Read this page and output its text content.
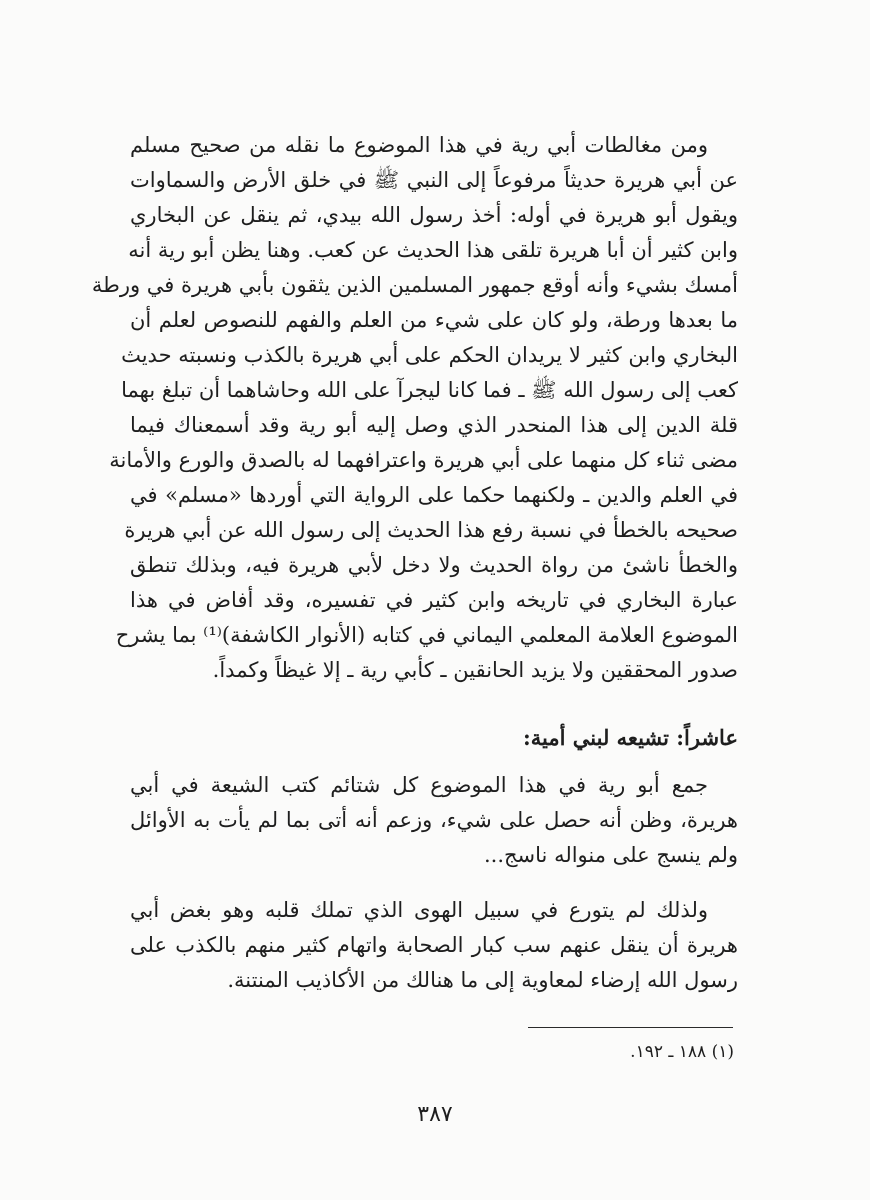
ومن مغالطات أبي رية في هذا الموضوع ما نقله من صحيح مسلم
عن أبي هريرة حديثاً مرفوعاً إلى النبي ﷺ في خلق الأرض والسماوات
ويقول أبو هريرة في أوله: أخذ رسول الله بيدي، ثم ينقل عن البخاري
وابن كثير أن أبا هريرة تلقى هذا الحديث عن كعب. وهنا يظن أبو رية أنه
أمسك بشيء وأنه أوقع جمهور المسلمين الذين يثقون بأبي هريرة في ورطة
ما بعدها ورطة، ولو كان على شيء من العلم والفهم للنصوص لعلم أن
البخاري وابن كثير لا يريدان الحكم على أبي هريرة بالكذب ونسبته حديث
كعب إلى رسول الله ﷺ ـ فما كانا ليجرآ على الله وحاشاهما أن تبلغ بهما
قلة الدين إلى هذا المنحدر الذي وصل إليه أبو رية وقد أسمعناك فيما
مضى ثناء كل منهما على أبي هريرة واعترافهما له بالصدق والورع والأمانة
في العلم والدين ـ ولكنهما حكما على الرواية التي أوردها «مسلم» في
صحيحه بالخطأ في نسبة رفع هذا الحديث إلى رسول الله عن أبي هريرة
والخطأ ناشئ من رواة الحديث ولا دخل لأبي هريرة فيه، وبذلك تنطق
عبارة البخاري في تاريخه وابن كثير في تفسيره، وقد أفاض في هذا
الموضوع العلامة المعلمي اليماني في كتابه (الأنوار الكاشفة)⁽¹⁾ بما يشرح
صدور المحققين ولا يزيد الحانقين ـ كأبي رية ـ إلا غيظاً وكمداً.
عاشراً: تشيعه لبني أمية:
جمع أبو رية في هذا الموضوع كل شتائم كتب الشيعة في أبي
هريرة، وظن أنه حصل على شيء، وزعم أنه أتى بما لم يأت به الأوائل
ولم ينسج على منواله ناسج...
ولذلك لم يتورع في سبيل الهوى الذي تملك قلبه وهو بغض أبي
هريرة أن ينقل عنهم سب كبار الصحابة واتهام كثير منهم بالكذب على
رسول الله إرضاء لمعاوية إلى ما هنالك من الأكاذيب المنتنة.
(١) ١٨٨ ـ ١٩٢.
٣٨٧
